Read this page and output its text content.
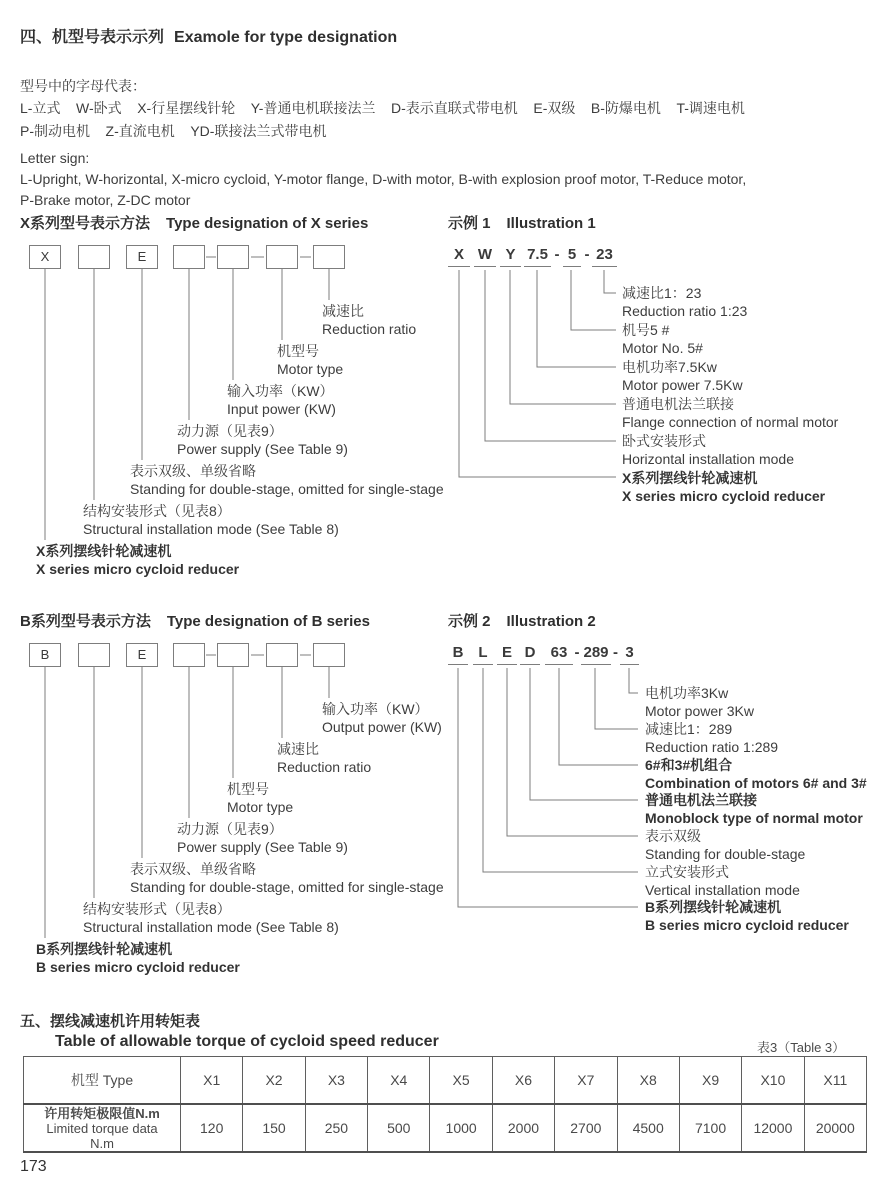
四、机型号表示示列 Examole for type designation
型号中的字母代表：
L-立式    W-卧式    X-行星摆线针轮    Y-普通电机联接法兰    D-表示直联式带电机    E-双级    B-防爆电机    T-调速电机
P-制动电机    Z-直流电机    YD-联接法兰式带电机
Letter sign:
L-Upright, W-horizontal, X-micro cycloid, Y-motor flange, D-with motor, B-with explosion proof motor, T-Reduce motor,
P-Brake motor, Z-DC motor
X系列型号表示方法 Type designation of X series	示例 1 Illustration 1
X	E
减速比
Reduction ratio
机型号
Motor type
输入功率（KW）
Input power (KW)
动力源（见表9）
Power supply (See Table 9)
表示双级、单级省略
Standing for double-stage, omitted for single-stage
结构安装形式（见表8）
Structural installation mode (See Table 8)
X系列摆线针轮减速机
X series micro cycloid reducer
X W Y 7.5 - 5 - 23
减速比1：23
Reduction ratio 1:23
机号5 #
Motor No. 5#
电机功率7.5Kw
Motor power 7.5Kw
普通电机法兰联接
Flange connection of normal motor
卧式安装形式
Horizontal installation mode
X系列摆线针轮减速机
X series micro cycloid reducer
B系列型号表示方法 Type designation of B series	示例 2 Illustration 2
B	E
输入功率（KW）
Output power (KW)
减速比
Reduction ratio
机型号
Motor type
动力源（见表9）
Power supply (See Table 9)
表示双级、单级省略
Standing for double-stage, omitted for single-stage
结构安装形式（见表8）
Structural installation mode (See Table 8)
B系列摆线针轮减速机
B series micro cycloid reducer
B L E D	63 - 289 - 3
电机功率3Kw
Motor power 3Kw
减速比1：289
Reduction ratio 1:289
6#和3#机组合
Combination of motors 6# and 3#
普通电机法兰联接
Monoblock type of normal motor
表示双级
Standing for double-stage
立式安装形式
Vertical installation mode
B系列摆线针轮减速机
B series micro cycloid reducer
五、摆线减速机许用转矩表
Table of allowable torque of cycloid speed reducer	表3（Table 3）
机型 Type	X1	X2	X3	X4	X5	X6	X7	X8	X9	X10	X11

许用转矩极限值N.m
Limited torque data
N.m	120	150	250	500	1000	2000	2700	4500	7100	12000	20000
173
